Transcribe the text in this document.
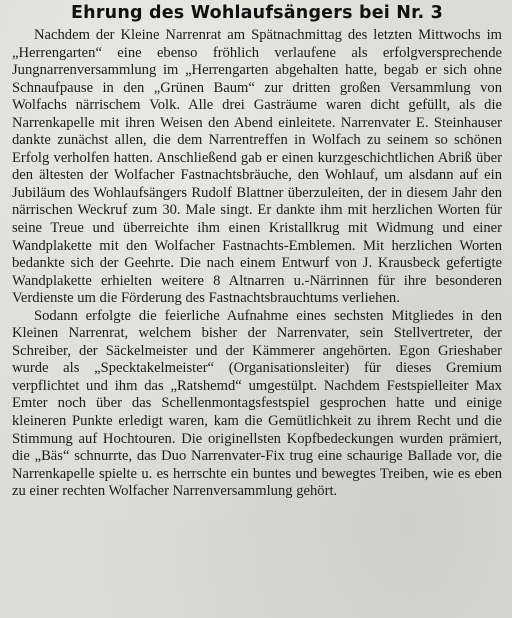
Ehrung des Wohlaufsängers bei Nr. 3

Nachdem der Kleine Narrenrat am Spätnachmittag des letzten Mittwochs im „Herrengarten“ eine ebenso fröhlich verlaufene als erfolgversprechende Jungnarrenversammlung im „Herrengarten abgehalten hatte, begab er sich ohne Schnaufpause in den „Grünen Baum“ zur dritten großen Versammlung von Wolfachs närrischem Volk. Alle drei Gasträume waren dicht gefüllt, als die Narrenkapelle mit ihren Weisen den Abend einleitete. Narrenvater E. Steinhauser dankte zunächst allen, die dem Narrentreffen in Wolfach zu seinem so schönen Erfolg verholfen hatten. Anschließend gab er einen kurzgeschichtlichen Abriß über den ältesten der Wolfacher Fastnachtsbräuche, den Wohlauf, um alsdann auf ein Jubiläum des Wohlaufsängers Rudolf Blattner überzuleiten, der in diesem Jahr den närrischen Weckruf zum 30. Male singt. Er dankte ihm mit herzlichen Worten für seine Treue und überreichte ihm einen Kristallkrug mit Widmung und einer Wandplakette mit den Wolfacher Fastnachts-Emblemen. Mit herzlichen Worten bedankte sich der Geehrte. Die nach einem Entwurf von J. Krausbeck gefertigte Wandplakette erhielten weitere 8 Altnarren u.-Närrinnen für ihre besonderen Verdienste um die Förderung des Fastnachtsbrauchtums verliehen.

Sodann erfolgte die feierliche Aufnahme eines sechsten Mitgliedes in den Kleinen Narrenrat, welchem bisher der Narrenvater, sein Stellvertreter, der Schreiber, der Säckelmeister und der Kämmerer angehörten. Egon Grieshaber wurde als „Specktakelmeister“ (Organisationsleiter) für dieses Gremium verpflichtet und ihm das „Ratshemd“ umgestülpt. Nachdem Festspielleiter Max Emter noch über das Schellenmontagsfestspiel gesprochen hatte und einige kleineren Punkte erledigt waren, kam die Gemütlichkeit zu ihrem Recht und die Stimmung auf Hochtouren. Die originellsten Kopfbedeckungen wurden prämiert, die „Bäs“ schnurrte, das Duo Narrenvater-Fix trug eine schaurige Ballade vor, die Narrenkapelle spielte u. es herrschte ein buntes und bewegtes Treiben, wie es eben zu einer rechten Wolfacher Narrenversammlung gehört.
